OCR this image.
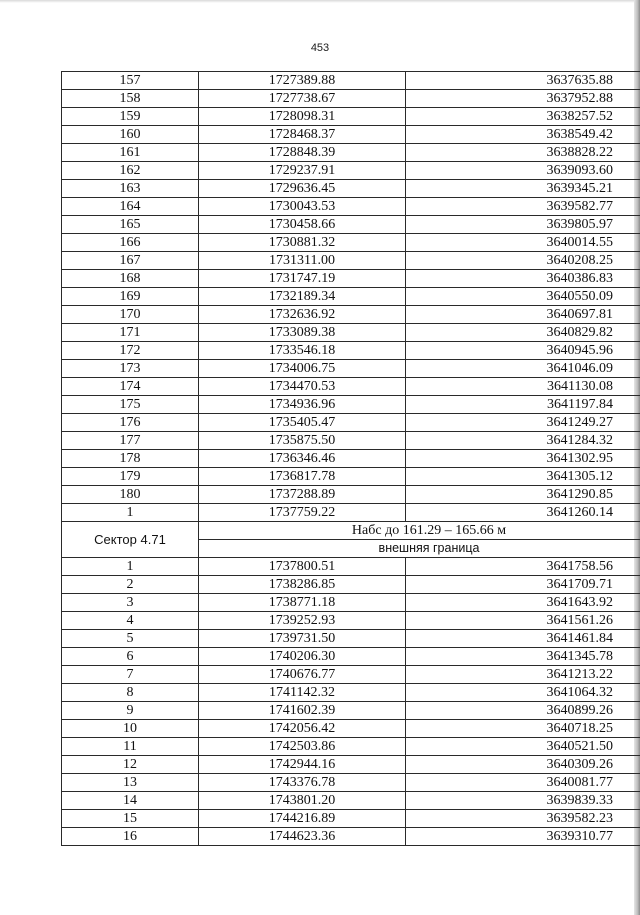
453
157	1727389.88	3637635.88
158	1727738.67	3637952.88
159	1728098.31	3638257.52
160	1728468.37	3638549.42
161	1728848.39	3638828.22
162	1729237.91	3639093.60
163	1729636.45	3639345.21
164	1730043.53	3639582.77
165	1730458.66	3639805.97
166	1730881.32	3640014.55
167	1731311.00	3640208.25
168	1731747.19	3640386.83
169	1732189.34	3640550.09
170	1732636.92	3640697.81
171	1733089.38	3640829.82
172	1733546.18	3640945.96
173	1734006.75	3641046.09
174	1734470.53	3641130.08
175	1734936.96	3641197.84
176	1735405.47	3641249.27
177	1735875.50	3641284.32
178	1736346.46	3641302.95
179	1736817.78	3641305.12
180	1737288.89	3641290.85
1	1737759.22	3641260.14
Сектор 4.71	Набс до 161.29 – 165.66 м	
	внешняя граница	
1	1737800.51	3641758.56
2	1738286.85	3641709.71
3	1738771.18	3641643.92
4	1739252.93	3641561.26
5	1739731.50	3641461.84
6	1740206.30	3641345.78
7	1740676.77	3641213.22
8	1741142.32	3641064.32
9	1741602.39	3640899.26
10	1742056.42	3640718.25
11	1742503.86	3640521.50
12	1742944.16	3640309.26
13	1743376.78	3640081.77
14	1743801.20	3639839.33
15	1744216.89	3639582.23
16	1744623.36	3639310.77
